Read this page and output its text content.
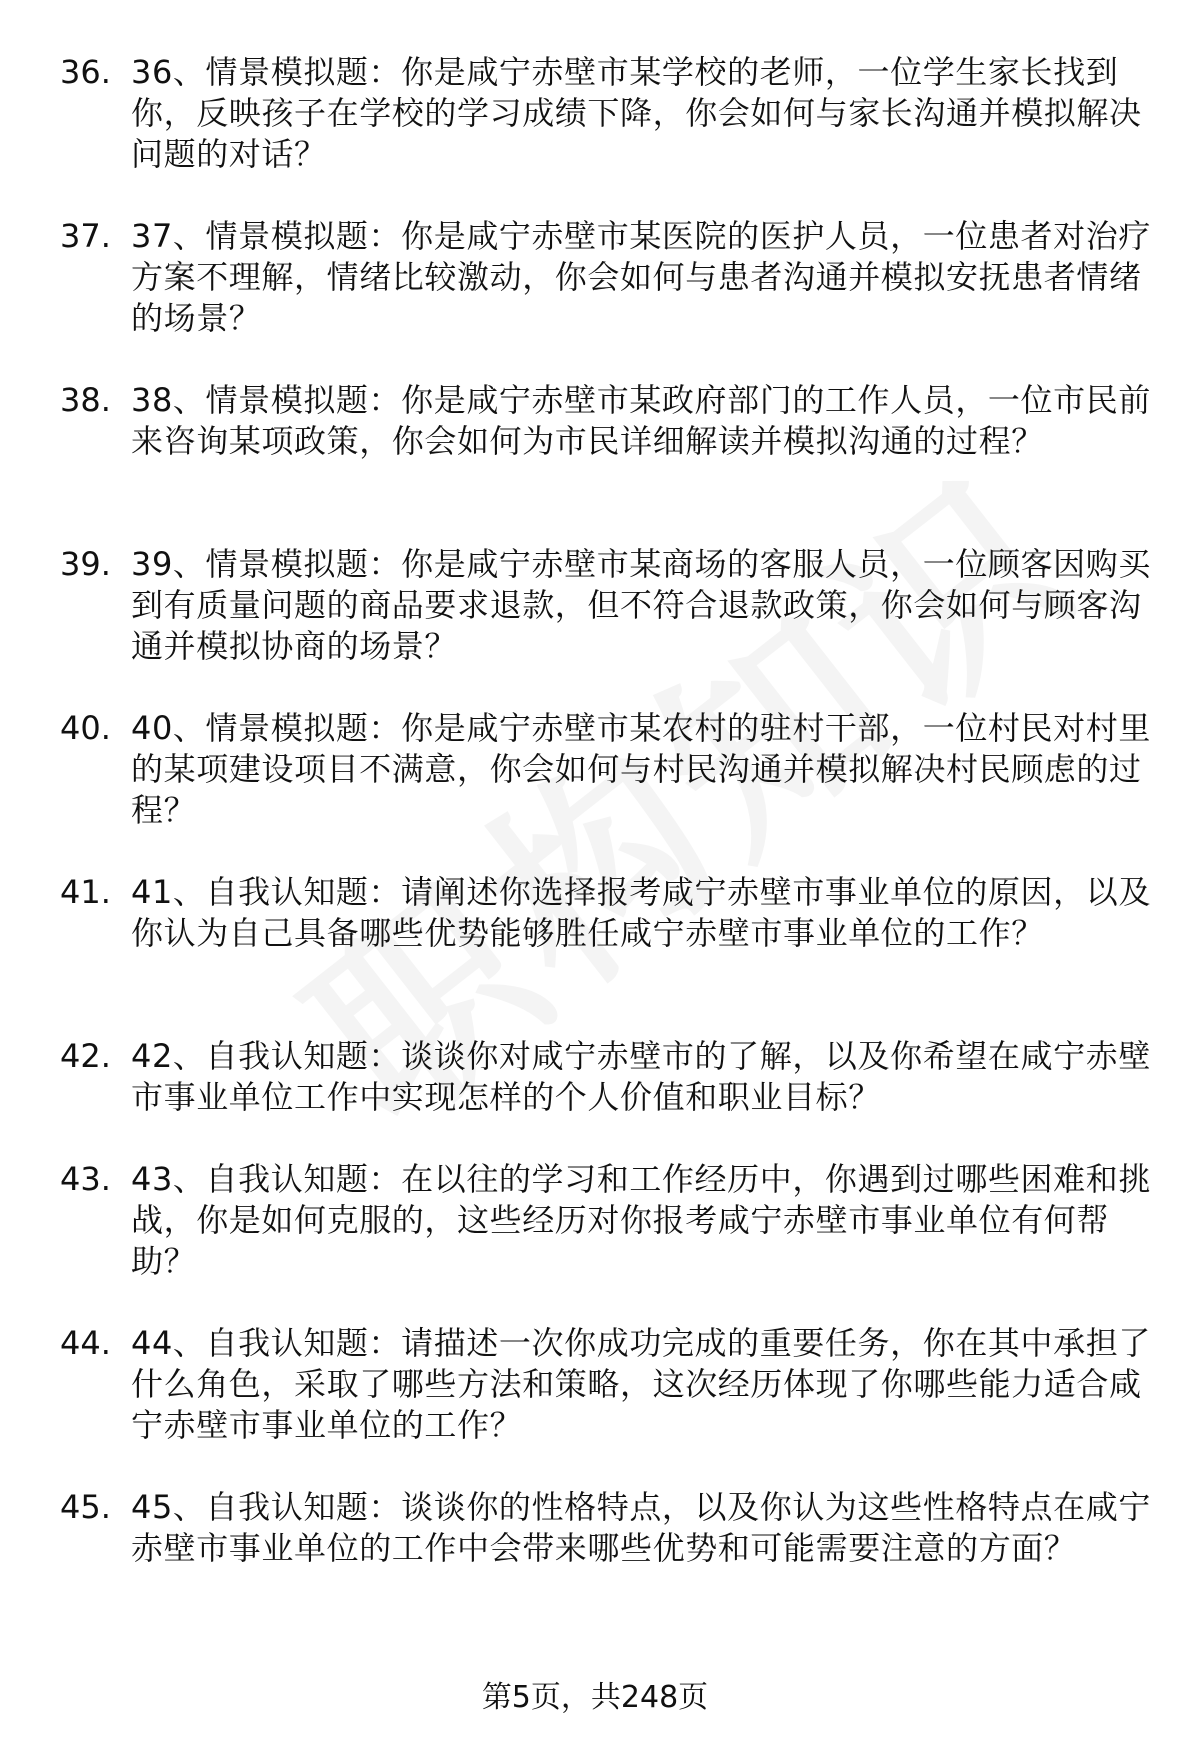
36. 36、情景模拟题：你是咸宁赤壁市某学校的老师，一位学生家长找到你，反映孩子在学校的学习成绩下降，你会如何与家长沟通并模拟解决问题的对话？
37. 37、情景模拟题：你是咸宁赤壁市某医院的医护人员，一位患者对治疗方案不理解，情绪比较激动，你会如何与患者沟通并模拟安抚患者情绪的场景？
38. 38、情景模拟题：你是咸宁赤壁市某政府部门的工作人员，一位市民前来咨询某项政策，你会如何为市民详细解读并模拟沟通的过程？
39. 39、情景模拟题：你是咸宁赤壁市某商场的客服人员，一位顾客因购买到有质量问题的商品要求退款，但不符合退款政策，你会如何与顾客沟通并模拟协商的场景？
40. 40、情景模拟题：你是咸宁赤壁市某农村的驻村干部，一位村民对村里的某项建设项目不满意，你会如何与村民沟通并模拟解决村民顾虑的过程？
41. 41、自我认知题：请阐述你选择报考咸宁赤壁市事业单位的原因，以及你认为自己具备哪些优势能够胜任咸宁赤壁市事业单位的工作？
42. 42、自我认知题：谈谈你对咸宁赤壁市的了解，以及你希望在咸宁赤壁市事业单位工作中实现怎样的个人价值和职业目标？
43. 43、自我认知题：在以往的学习和工作经历中，你遇到过哪些困难和挑战，你是如何克服的，这些经历对你报考咸宁赤壁市事业单位有何帮助？
44. 44、自我认知题：请描述一次你成功完成的重要任务，你在其中承担了什么角色，采取了哪些方法和策略，这次经历体现了你哪些能力适合咸宁赤壁市事业单位的工作？
45. 45、自我认知题：谈谈你的性格特点，以及你认为这些性格特点在咸宁赤壁市事业单位的工作中会带来哪些优势和可能需要注意的方面？
第5页，共248页
